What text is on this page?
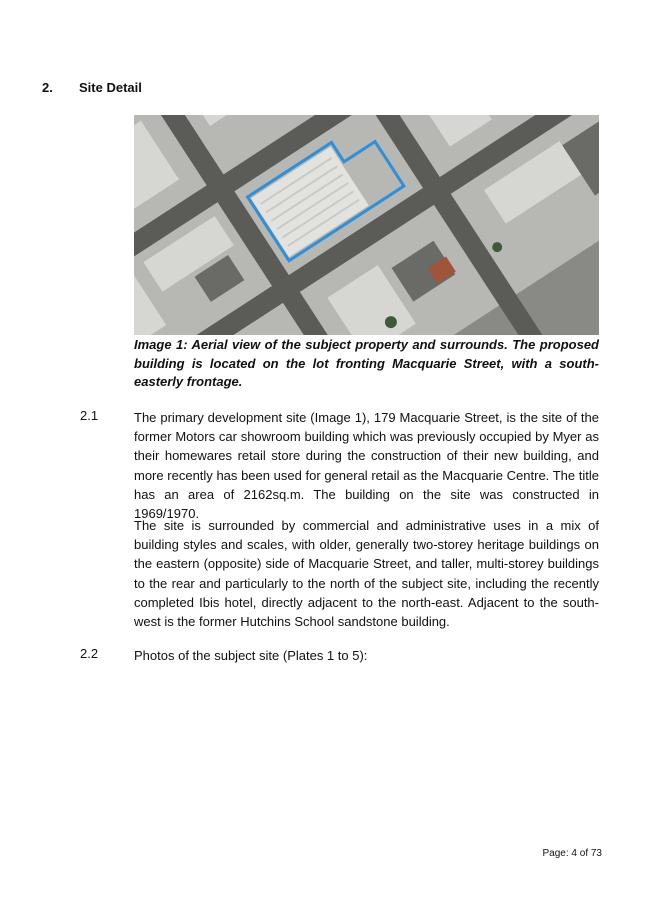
2. Site Detail
Image 1: Aerial view of the subject property and surrounds. The proposed building is located on the lot fronting Macquarie Street, with a south-easterly frontage.
2.1	The primary development site (Image 1), 179 Macquarie Street, is the site of the former Motors car showroom building which was previously occupied by Myer as their homewares retail store during the construction of their new building, and more recently has been used for general retail as the Macquarie Centre. The title has an area of 2162sq.m. The building on the site was constructed in 1969/1970.
The site is surrounded by commercial and administrative uses in a mix of building styles and scales, with older, generally two-storey heritage buildings on the eastern (opposite) side of Macquarie Street, and taller, multi-storey buildings to the rear and particularly to the north of the subject site, including the recently completed Ibis hotel, directly adjacent to the north-east. Adjacent to the south-west is the former Hutchins School sandstone building.
2.2	Photos of the subject site (Plates 1 to 5):
Page: 4 of 73
